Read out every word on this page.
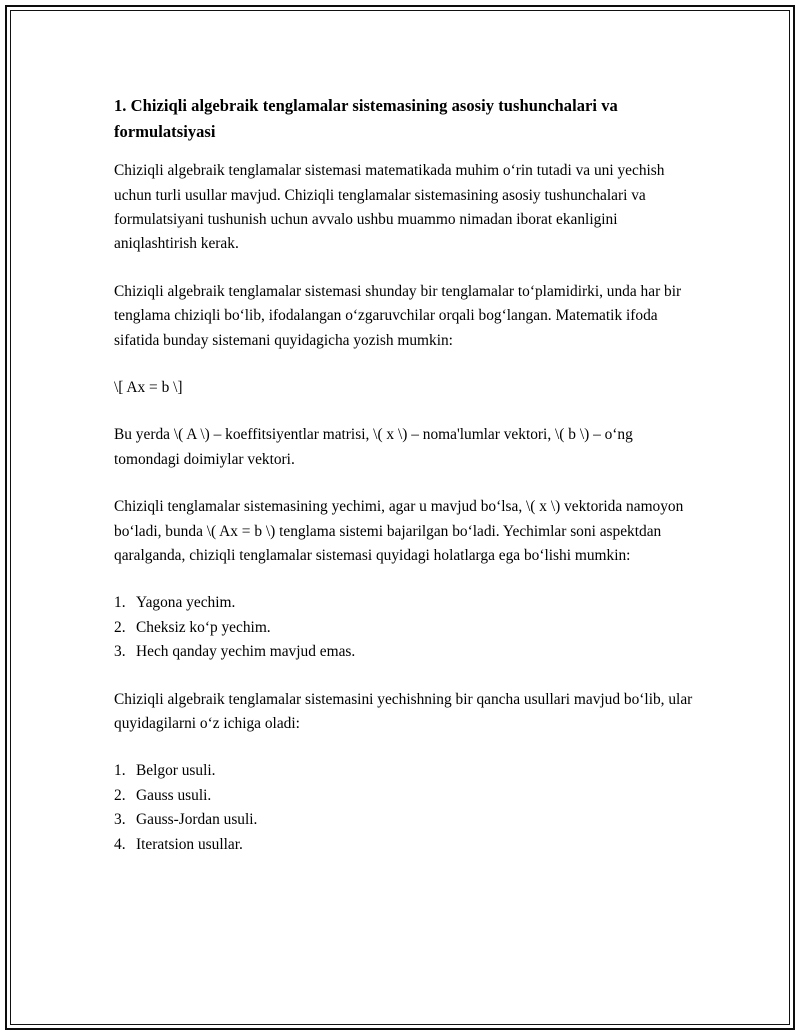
1. Chiziqli algebraik tenglamalar sistemasining asosiy tushunchalari va formulatsiyasi

Chiziqli algebraik tenglamalar sistemasi matematikada muhim oʻrin tutadi va uni yechish uchun turli usullar mavjud. Chiziqli tenglamalar sistemasining asosiy tushunchalari va formulatsiyani tushunish uchun avvalo ushbu muammo nimadan iborat ekanligini aniqlashtirish kerak.

Chiziqli algebraik tenglamalar sistemasi shunday bir tenglamalar toʻplamidirki, unda har bir tenglama chiziqli boʻlib, ifodalangan oʻzgaruvchilar orqali bogʻlangan. Matematik ifoda sifatida bunday sistemani quyidagicha yozish mumkin:

\[ Ax = b \]

Bu yerda \( A \) – koeffitsiyentlar matrisi, \( x \) – noma'lumlar vektori, \( b \) – oʻng tomondagi doimiylar vektori.

Chiziqli tenglamalar sistemasining yechimi, agar u mavjud boʻlsa, \( x \) vektorida namoyon boʻladi, bunda \( Ax = b \) tenglama sistemi bajarilgan boʻladi. Yechimlar soni aspektdan qaralganda, chiziqli tenglamalar sistemasi quyidagi holatlarga ega boʻlishi mumkin:

1. Yagona yechim.
2. Cheksiz koʻp yechim.
3. Hech qanday yechim mavjud emas.

Chiziqli algebraik tenglamalar sistemasini yechishning bir qancha usullari mavjud boʻlib, ular quyidagilarni oʻz ichiga oladi:

1. Belgor usuli.
2. Gauss usuli.
3. Gauss-Jordan usuli.
4. Iteratsion usullar.
